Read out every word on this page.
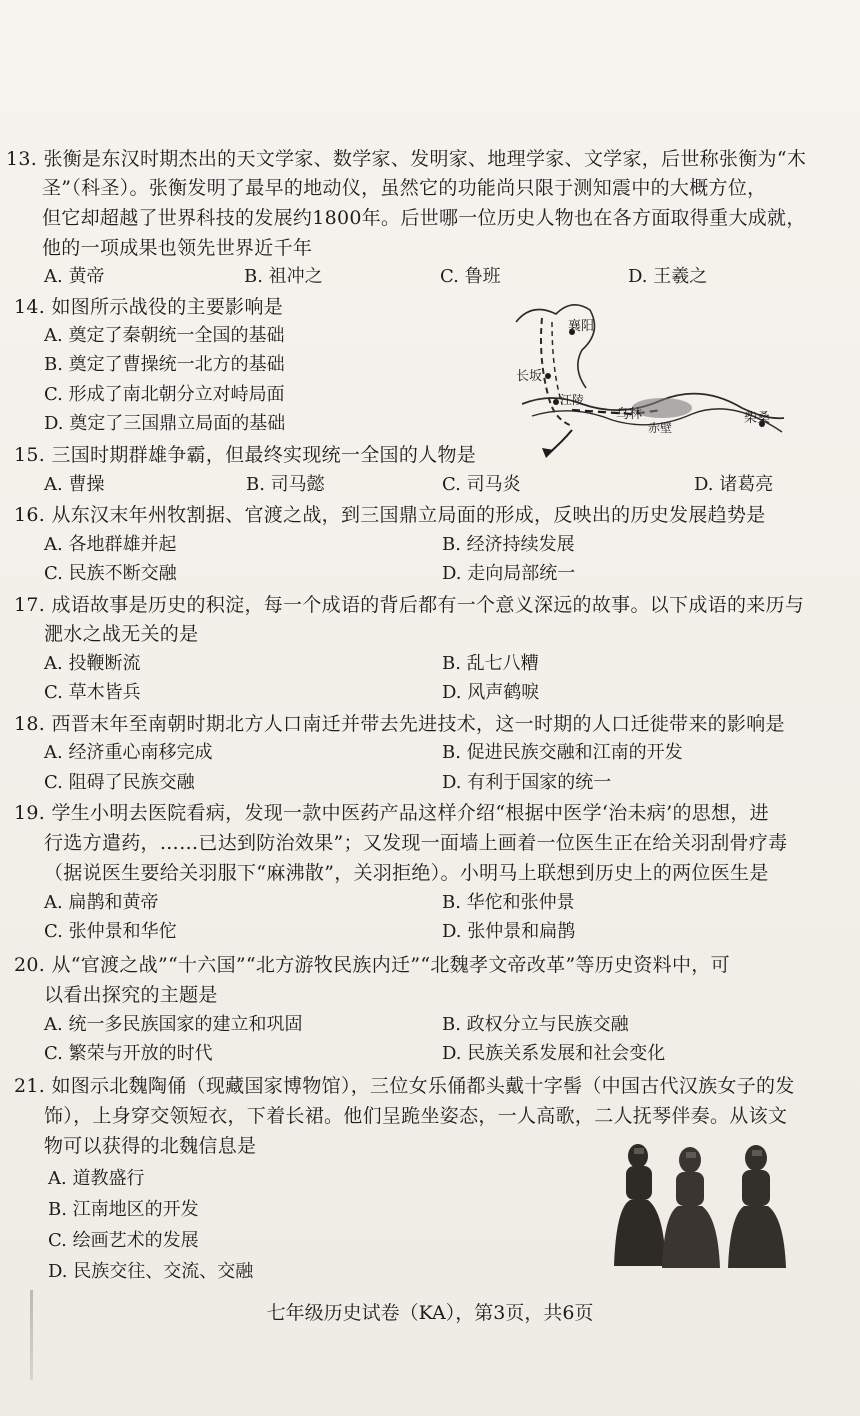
13. 张衡是东汉时期杰出的天文学家、数学家、发明家、地理学家、文学家，后世称张衡为“木
圣”（科圣）。张衡发明了最早的地动仪，虽然它的功能尚只限于测知震中的大概方位，
但它却超越了世界科技的发展约1800年。后世哪一位历史人物也在各方面取得重大成就，
他的一项成果也领先世界近千年
A. 黄帝	B. 祖冲之	C. 鲁班	D. 王羲之
14. 如图所示战役的主要影响是
A. 奠定了秦朝统一全国的基础
B. 奠定了曹操统一北方的基础
C. 形成了南北朝分立对峙局面
D. 奠定了三国鼎立局面的基础
襄阳
长坂
江陵
乌林
赤壁
柴桑
15. 三国时期群雄争霸，但最终实现统一全国的人物是
A. 曹操	B. 司马懿	C. 司马炎	D. 诸葛亮
16. 从东汉末年州牧割据、官渡之战，到三国鼎立局面的形成，反映出的历史发展趋势是
A. 各地群雄并起	B. 经济持续发展
C. 民族不断交融	D. 走向局部统一
17. 成语故事是历史的积淀，每一个成语的背后都有一个意义深远的故事。以下成语的来历与
淝水之战无关的是
A. 投鞭断流	B. 乱七八糟
C. 草木皆兵	D. 风声鹤唳
18. 西晋末年至南朝时期北方人口南迁并带去先进技术，这一时期的人口迁徙带来的影响是
A. 经济重心南移完成	B. 促进民族交融和江南的开发
C. 阻碍了民族交融	D. 有利于国家的统一
19. 学生小明去医院看病，发现一款中医药产品这样介绍“根据中医学‘治未病’的思想，进
行选方遣药，……已达到防治效果”；又发现一面墙上画着一位医生正在给关羽刮骨疗毒
（据说医生要给关羽服下“麻沸散”，关羽拒绝）。小明马上联想到历史上的两位医生是
A. 扁鹊和黄帝	B. 华佗和张仲景
C. 张仲景和华佗	D. 张仲景和扁鹊
20. 从“官渡之战”“十六国”“北方游牧民族内迁”“北魏孝文帝改革”等历史资料中，可
以看出探究的主题是
A. 统一多民族国家的建立和巩固	B. 政权分立与民族交融
C. 繁荣与开放的时代	D. 民族关系发展和社会变化
21. 如图示北魏陶俑（现藏国家博物馆），三位女乐俑都头戴十字髻（中国古代汉族女子的发
饰），上身穿交领短衣，下着长裙。他们呈跪坐姿态，一人高歌，二人抚琴伴奏。从该文
物可以获得的北魏信息是
A. 道教盛行
B. 江南地区的开发
C. 绘画艺术的发展
D. 民族交往、交流、交融
七年级历史试卷（KA），第3页，共6页
